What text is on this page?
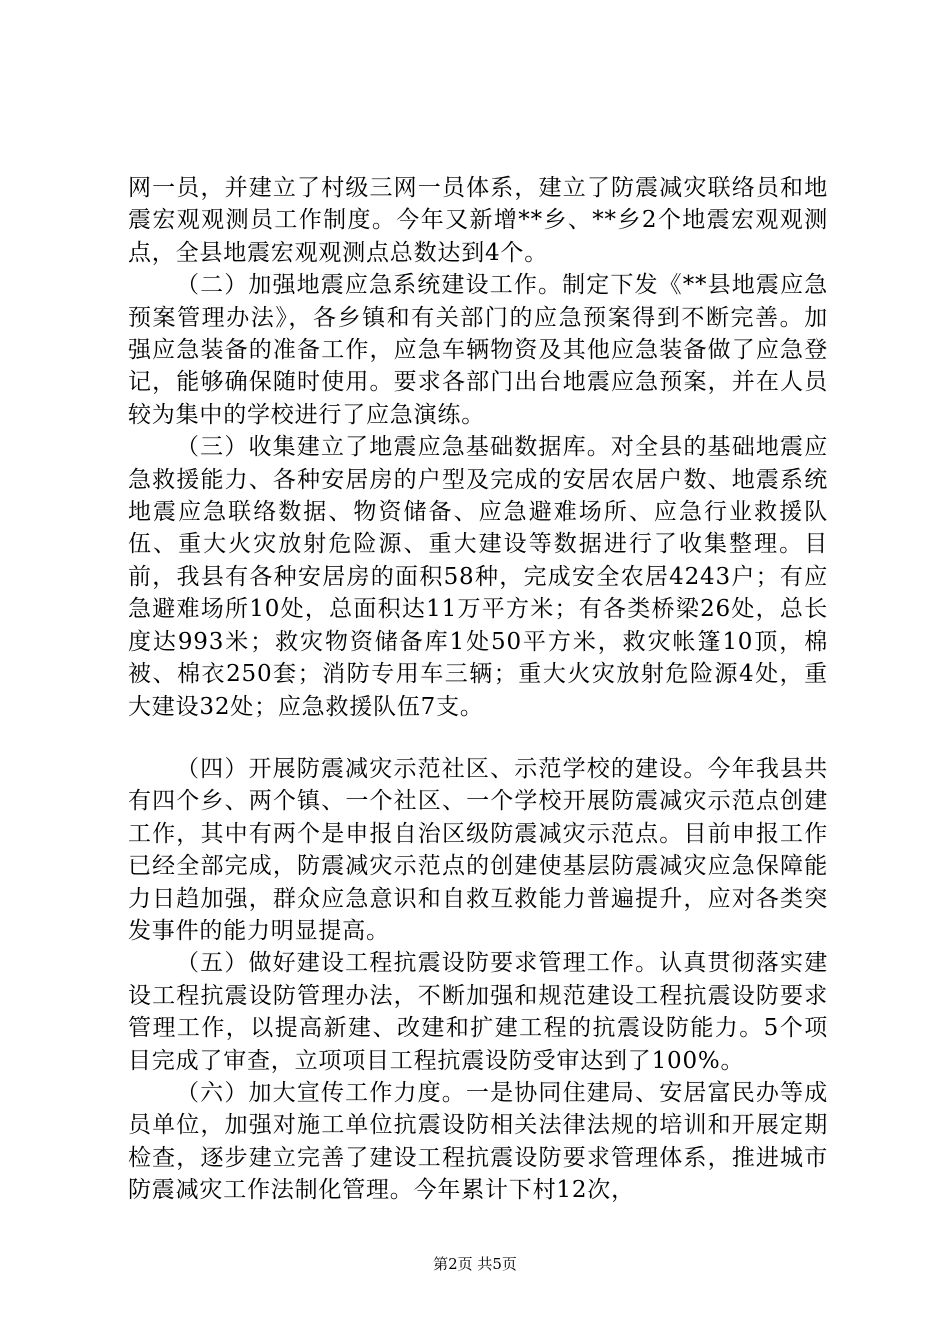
网一员，并建立了村级三网一员体系，建立了防震减灾联络员和地震宏观观测员工作制度。今年又新增**乡、**乡2个地震宏观观测点，全县地震宏观观测点总数达到4个。

（二）加强地震应急系统建设工作。制定下发《**县地震应急预案管理办法》，各乡镇和有关部门的应急预案得到不断完善。加强应急装备的准备工作，应急车辆物资及其他应急装备做了应急登记，能够确保随时使用。要求各部门出台地震应急预案，并在人员较为集中的学校进行了应急演练。

（三）收集建立了地震应急基础数据库。对全县的基础地震应急救援能力、各种安居房的户型及完成的安居农居户数、地震系统地震应急联络数据、物资储备、应急避难场所、应急行业救援队伍、重大火灾放射危险源、重大建设等数据进行了收集整理。目前，我县有各种安居房的面积58种，完成安全农居4243户；有应急避难场所10处，总面积达11万平方米；有各类桥梁26处，总长度达993米；救灾物资储备库1处50平方米，救灾帐篷10顶，棉被、棉衣250套；消防专用车三辆；重大火灾放射危险源4处，重大建设32处；应急救援队伍7支。

（四）开展防震减灾示范社区、示范学校的建设。今年我县共有四个乡、两个镇、一个社区、一个学校开展防震减灾示范点创建工作，其中有两个是申报自治区级防震减灾示范点。目前申报工作已经全部完成，防震减灾示范点的创建使基层防震减灾应急保障能力日趋加强，群众应急意识和自救互救能力普遍提升，应对各类突发事件的能力明显提高。

（五）做好建设工程抗震设防要求管理工作。认真贯彻落实建设工程抗震设防管理办法，不断加强和规范建设工程抗震设防要求管理工作，以提高新建、改建和扩建工程的抗震设防能力。5个项目完成了审查，立项项目工程抗震设防受审达到了100%。

（六）加大宣传工作力度。一是协同住建局、安居富民办等成员单位，加强对施工单位抗震设防相关法律法规的培训和开展定期检查，逐步建立完善了建设工程抗震设防要求管理体系，推进城市防震减灾工作法制化管理。今年累计下村12次，

第2页 共5页
